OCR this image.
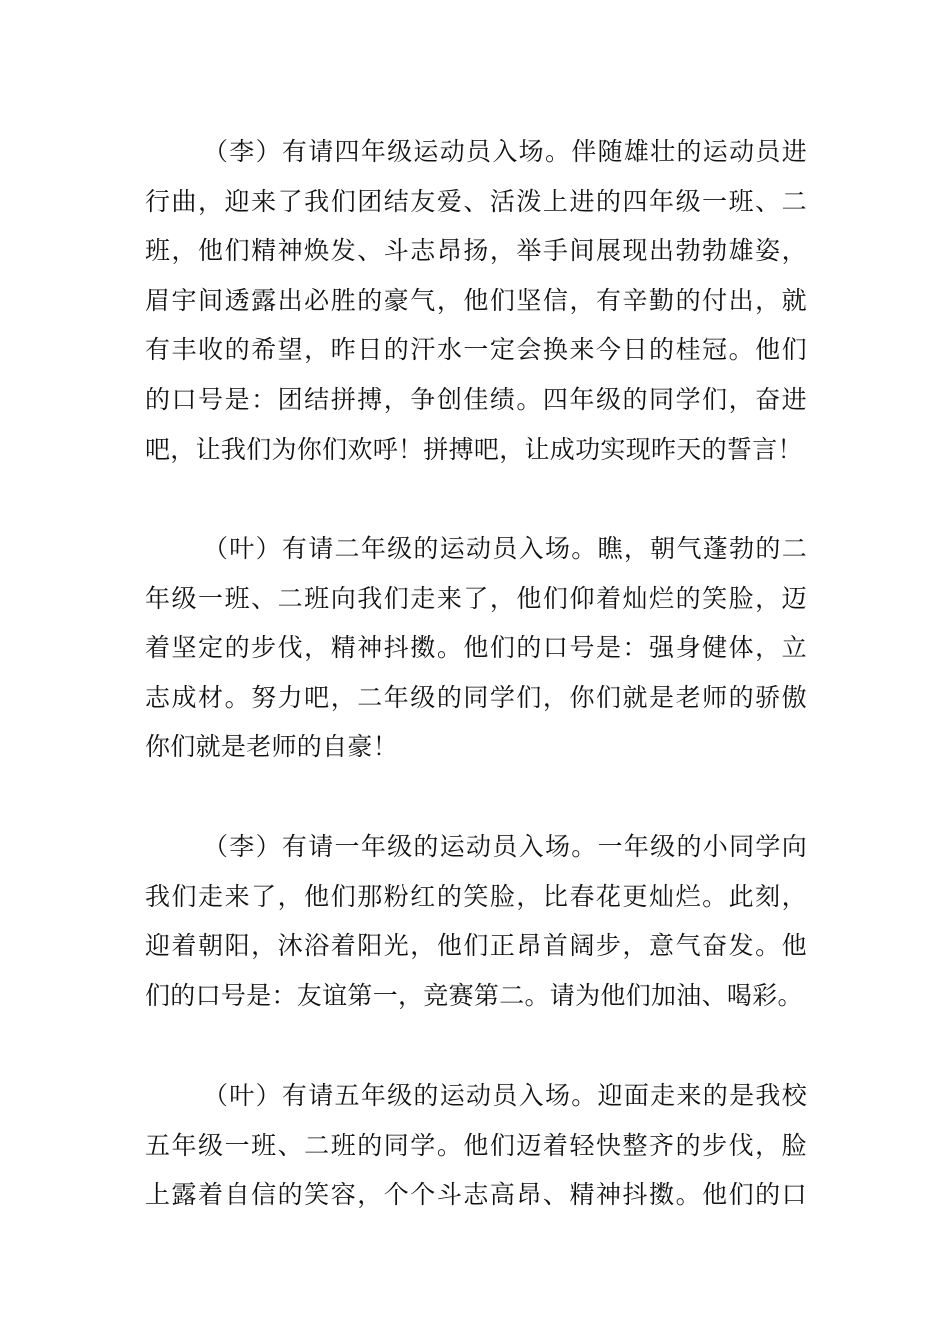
（李）有请四年级运动员入场。伴随雄壮的运动员进
行曲，迎来了我们团结友爱、活泼上进的四年级一班、二
班，他们精神焕发、斗志昂扬，举手间展现出勃勃雄姿，
眉宇间透露出必胜的豪气，他们坚信，有辛勤的付出，就
有丰收的希望，昨日的汗水一定会换来今日的桂冠。他们
的口号是：团结拼搏，争创佳绩。四年级的同学们，奋进
吧，让我们为你们欢呼！拼搏吧，让成功实现昨天的誓言！
（叶）有请二年级的运动员入场。瞧，朝气蓬勃的二
年级一班、二班向我们走来了，他们仰着灿烂的笑脸，迈
着坚定的步伐，精神抖擞。他们的口号是：强身健体，立
志成材。努力吧，二年级的同学们，你们就是老师的骄傲
你们就是老师的自豪！
（李）有请一年级的运动员入场。一年级的小同学向
我们走来了，他们那粉红的笑脸，比春花更灿烂。此刻，
迎着朝阳，沐浴着阳光，他们正昂首阔步，意气奋发。他
们的口号是：友谊第一，竞赛第二。请为他们加油、喝彩。
（叶）有请五年级的运动员入场。迎面走来的是我校
五年级一班、二班的同学。他们迈着轻快整齐的步伐，脸
上露着自信的笑容，个个斗志高昂、精神抖擞。他们的口
